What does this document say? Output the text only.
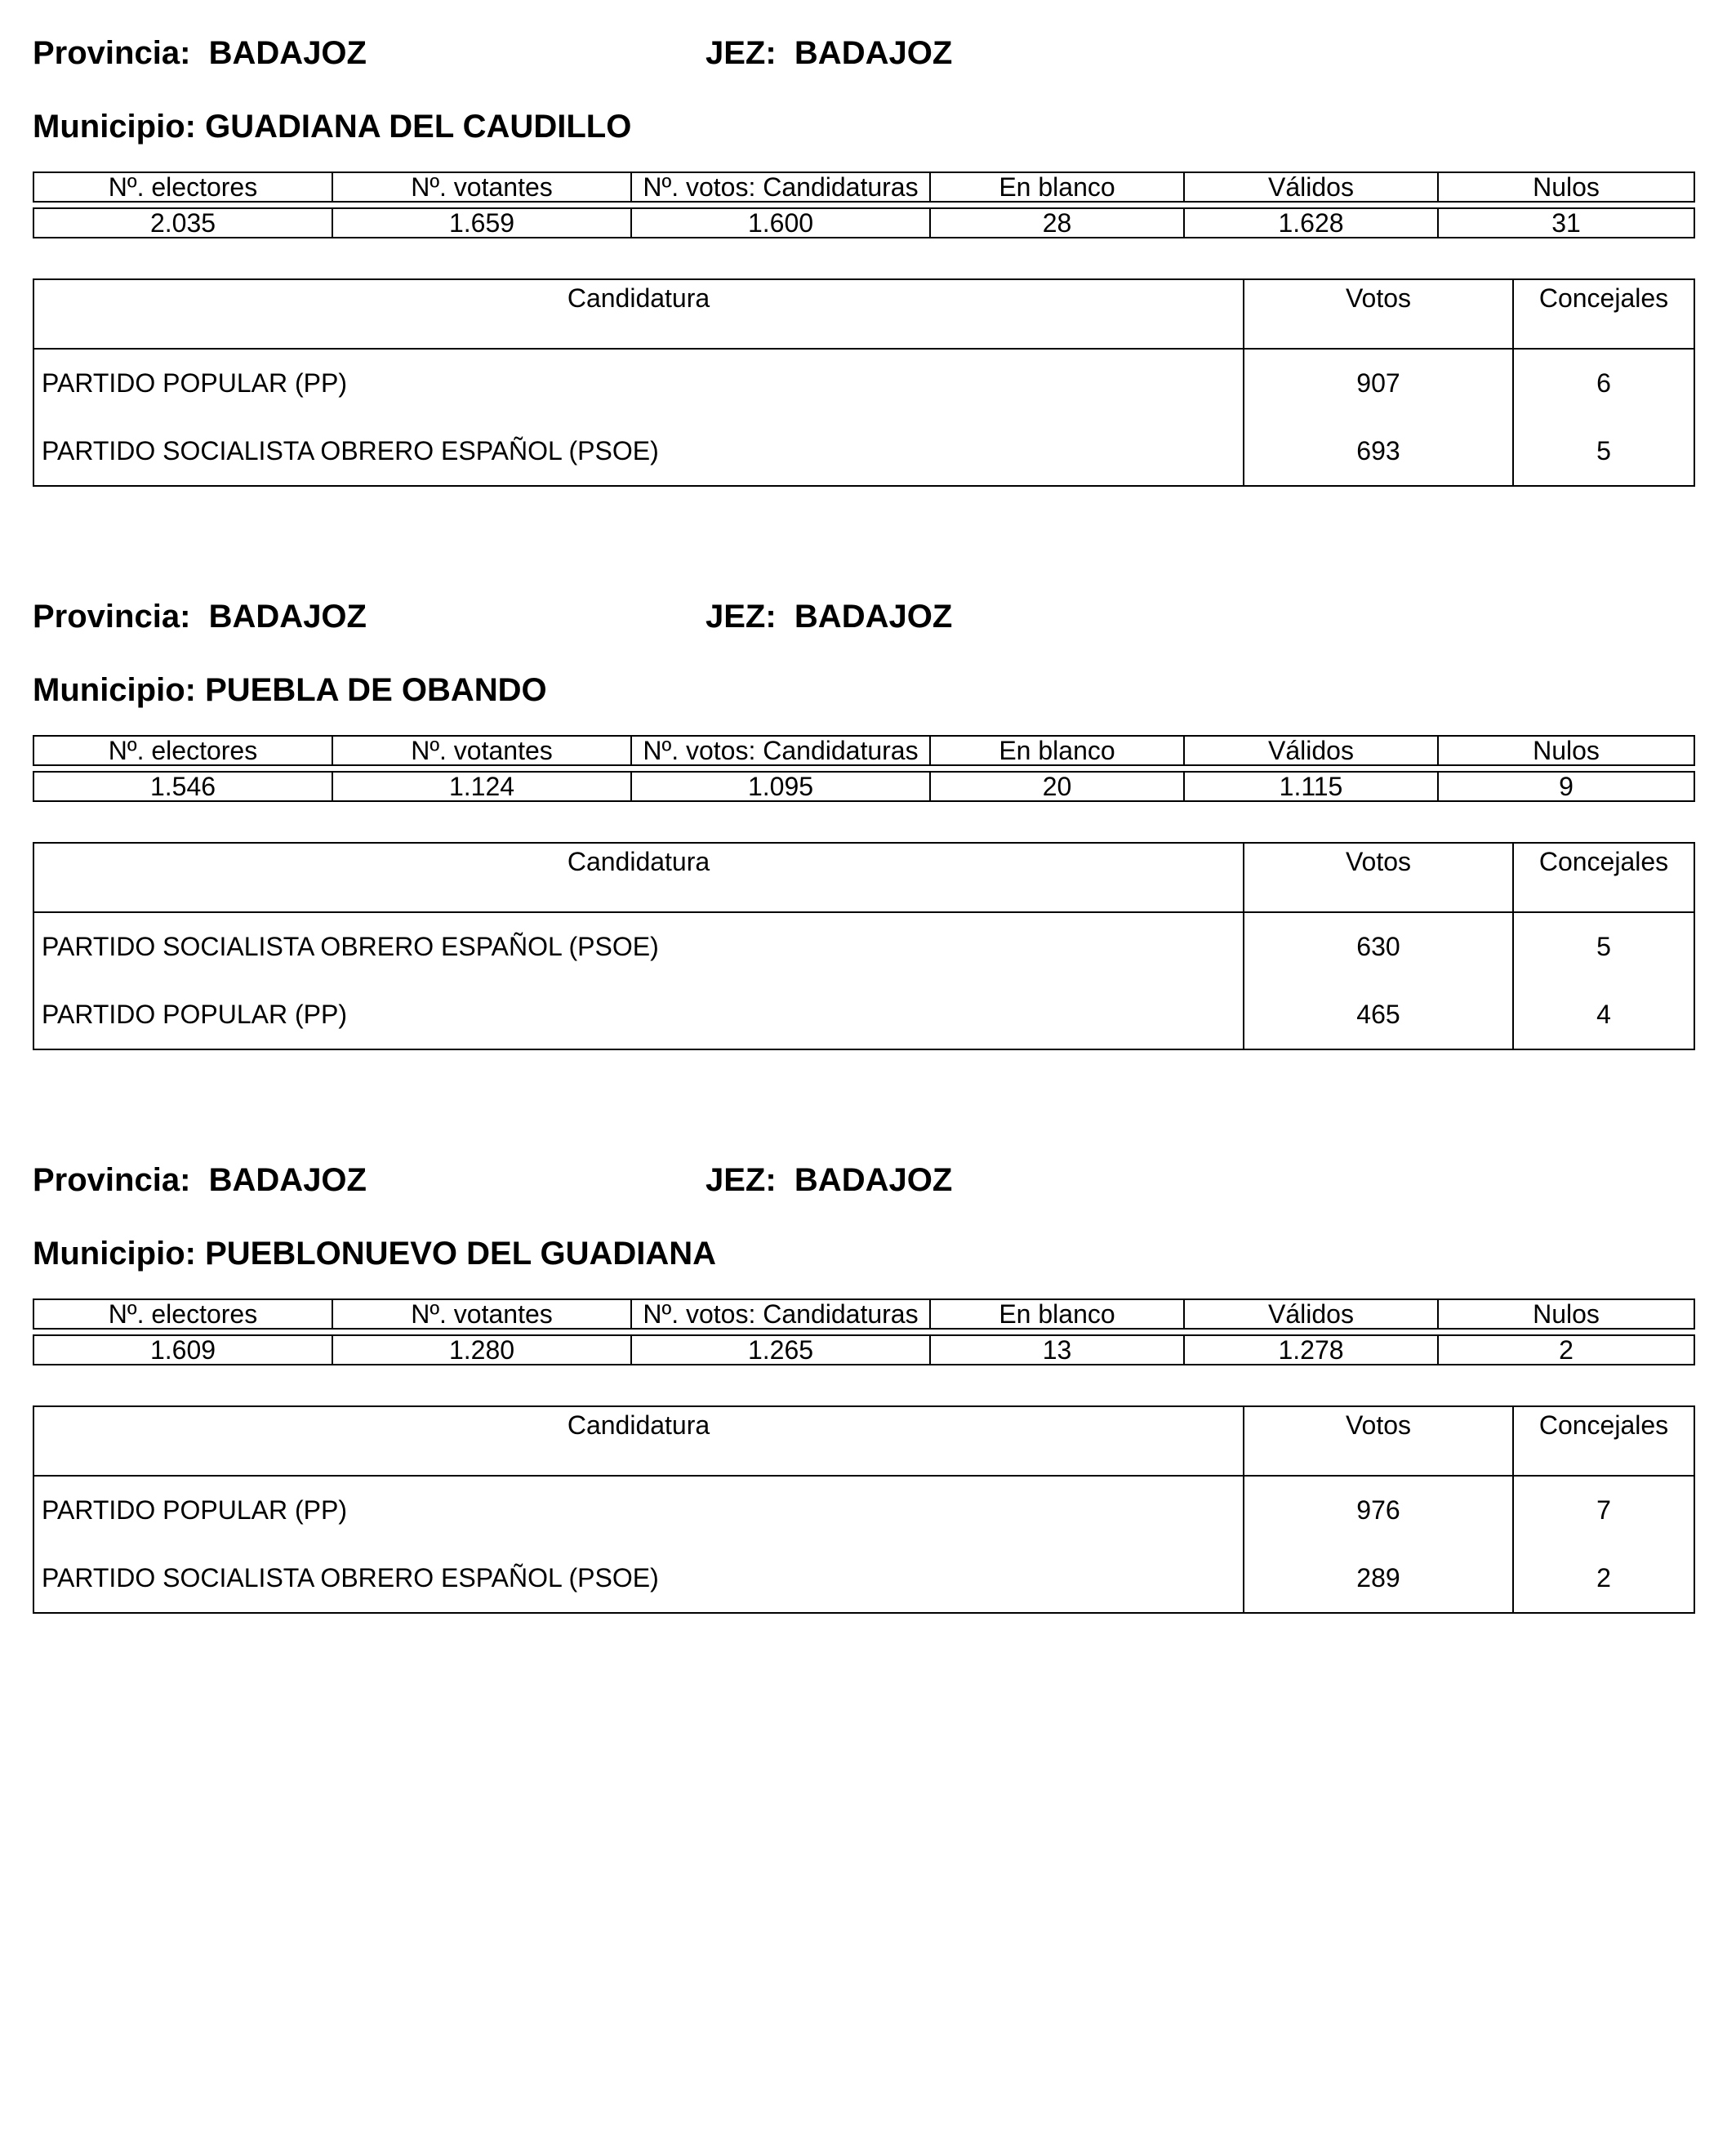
Provincia: BADAJOZ	JEZ: BADAJOZ
Municipio: GUADIANA DEL CAUDILLO
Nº. electores	Nº. votantes	Nº. votos: Candidaturas	En blanco	Válidos	Nulos

2.035	1.659	1.600	28	1.628	31
Candidatura	Votos	Concejales
PARTIDO POPULAR (PP)	907	6
PARTIDO SOCIALISTA OBRERO ESPAÑOL (PSOE)	693	5
Provincia: BADAJOZ	JEZ: BADAJOZ
Municipio: PUEBLA DE OBANDO
Nº. electores	Nº. votantes	Nº. votos: Candidaturas	En blanco	Válidos	Nulos

1.546	1.124	1.095	20	1.115	9
Candidatura	Votos	Concejales
PARTIDO SOCIALISTA OBRERO ESPAÑOL (PSOE)	630	5
PARTIDO POPULAR (PP)	465	4
Provincia: BADAJOZ	JEZ: BADAJOZ
Municipio: PUEBLONUEVO DEL GUADIANA
Nº. electores	Nº. votantes	Nº. votos: Candidaturas	En blanco	Válidos	Nulos

1.609	1.280	1.265	13	1.278	2
Candidatura	Votos	Concejales
PARTIDO POPULAR (PP)	976	7
PARTIDO SOCIALISTA OBRERO ESPAÑOL (PSOE)	289	2
